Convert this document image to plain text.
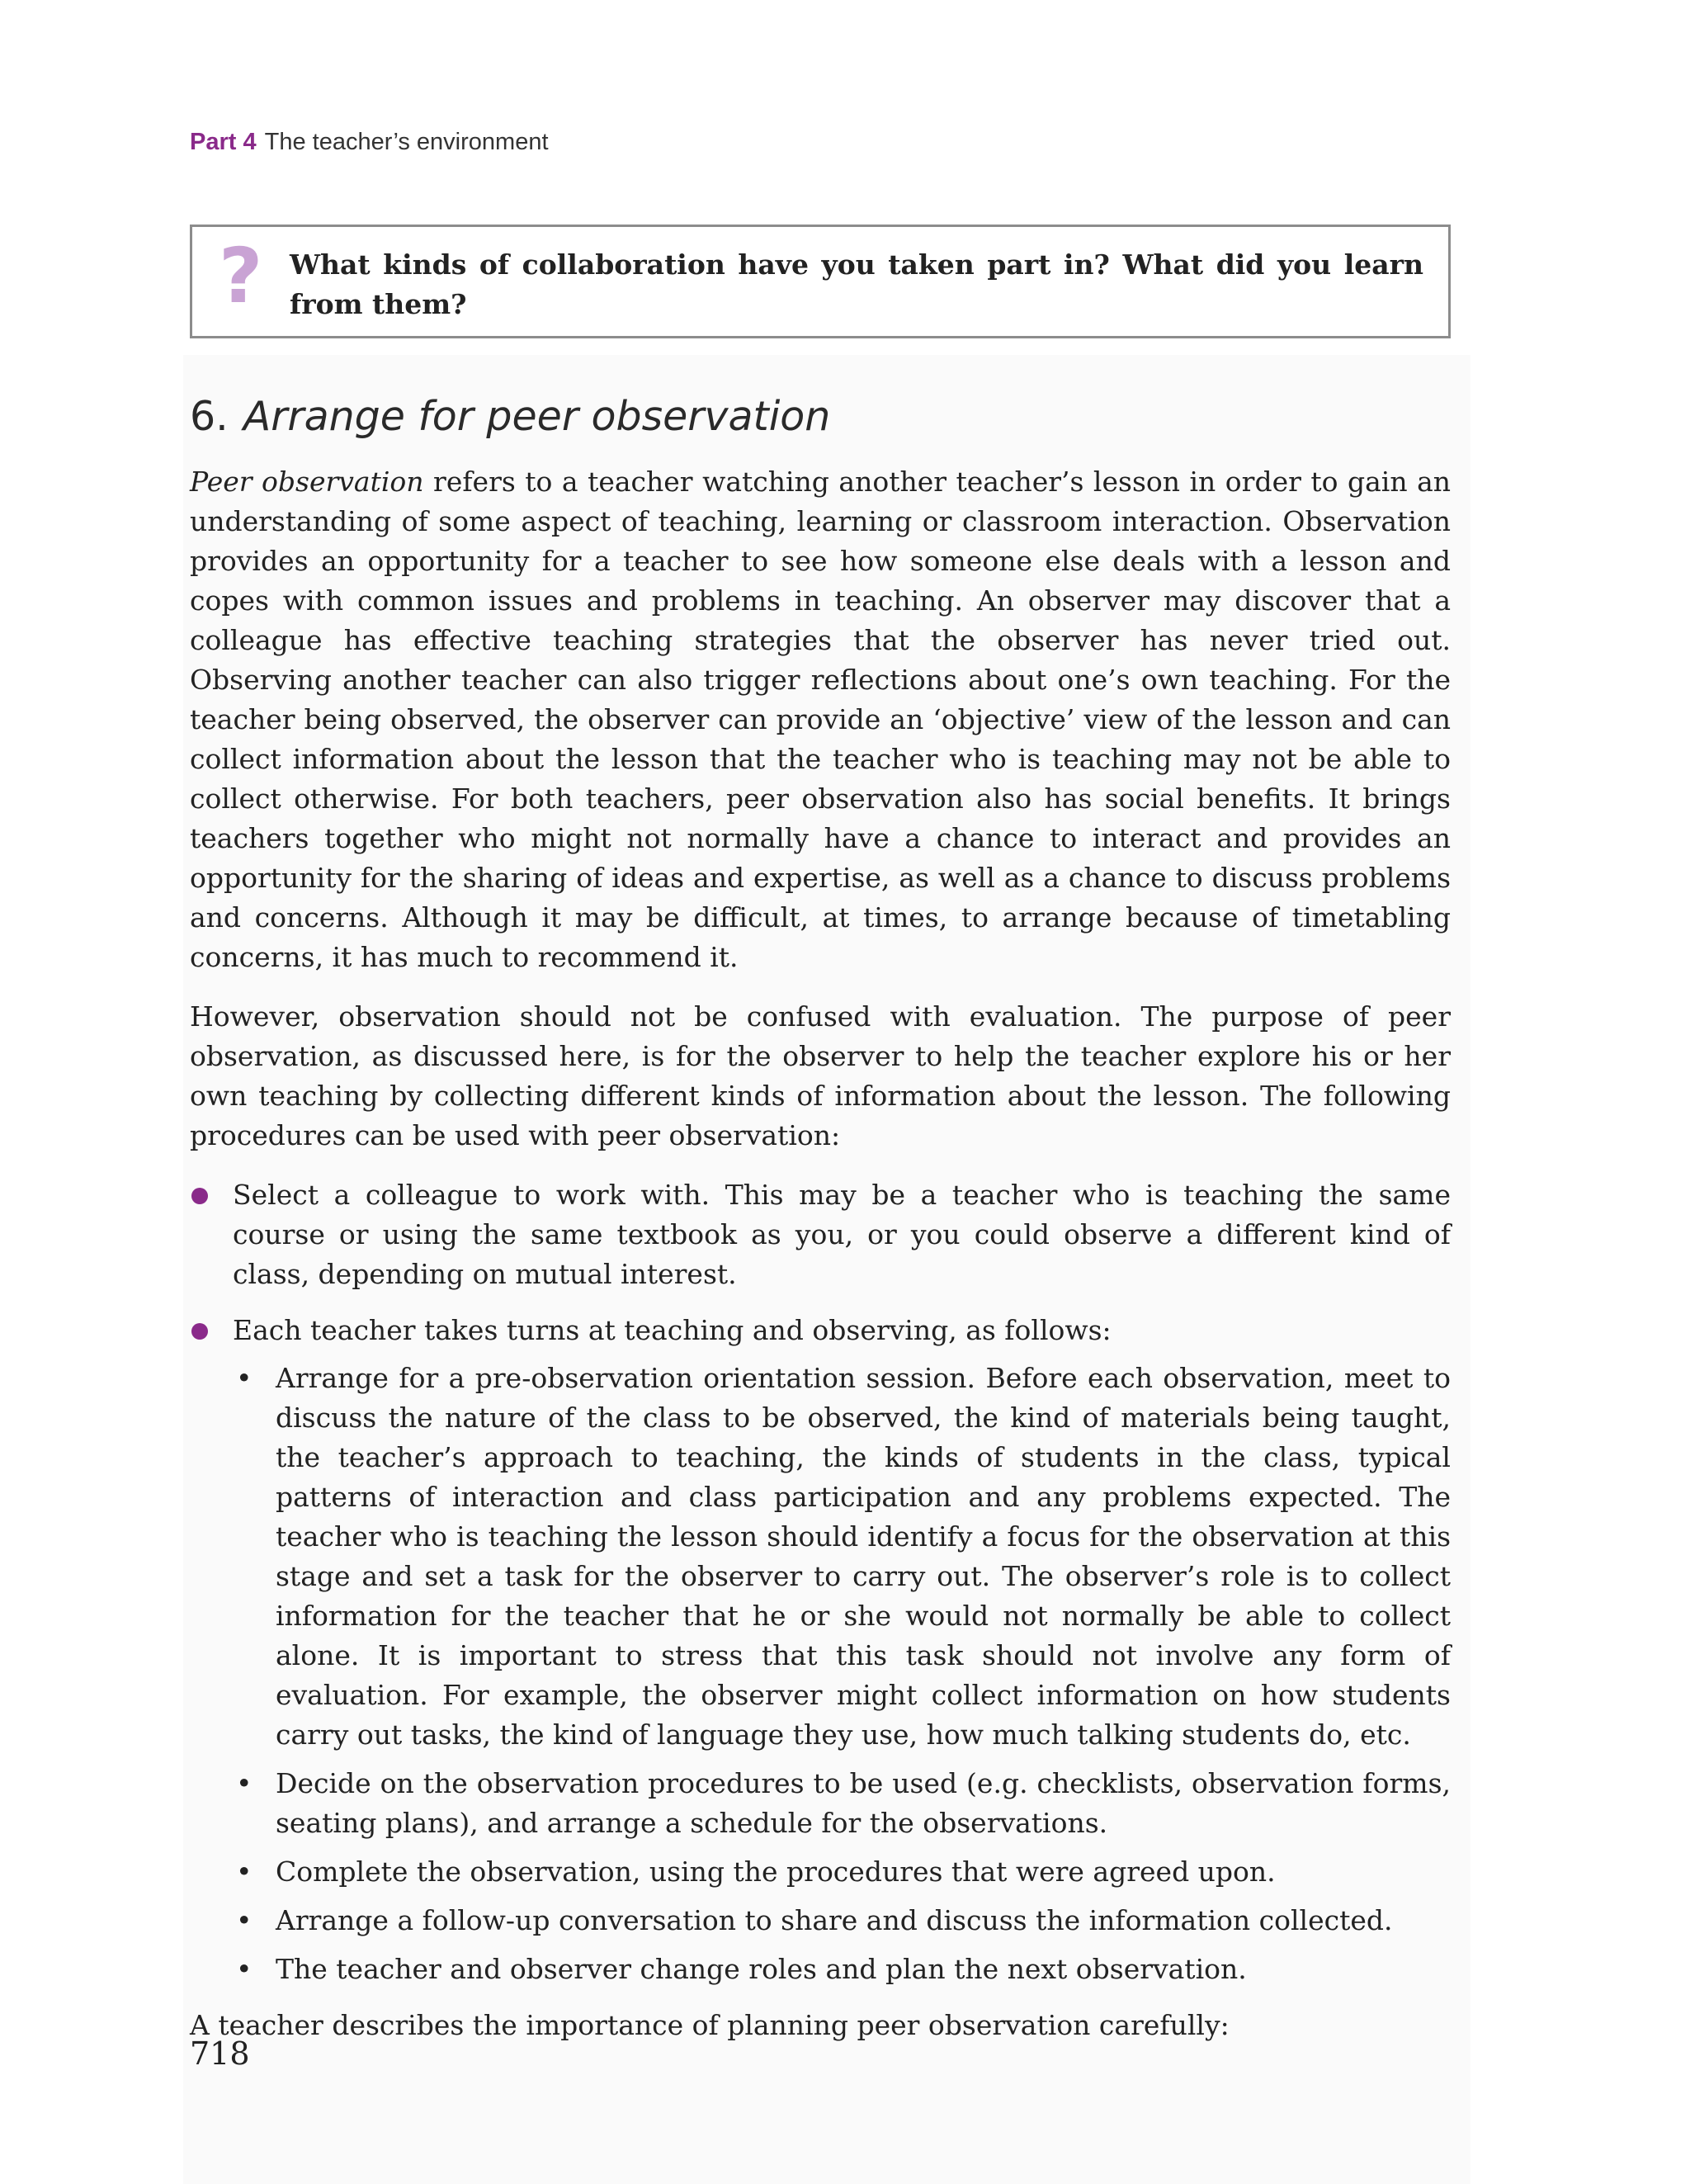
Part 4 The teacher’s environment
? What kinds of collaboration have you taken part in? What did you learn from them?
6. Arrange for peer observation

Peer observation refers to a teacher watching another teacher’s lesson in order to gain an understanding of some aspect of teaching, learning or classroom interaction. Observation provides an opportunity for a teacher to see how someone else deals with a lesson and copes with common issues and problems in teaching. An observer may discover that a colleague has effective teaching strategies that the observer has never tried out. Observing another teacher can also trigger reflections about one’s own teaching. For the teacher being observed, the observer can provide an ‘objective’ view of the lesson and can collect information about the lesson that the teacher who is teaching may not be able to collect otherwise. For both teachers, peer observation also has social benefits. It brings teachers together who might not normally have a chance to interact and provides an opportunity for the sharing of ideas and expertise, as well as a chance to discuss problems and concerns. Although it may be difficult, at times, to arrange because of timetabling concerns, it has much to recommend it.

However, observation should not be confused with evaluation. The purpose of peer observation, as discussed here, is for the observer to help the teacher explore his or her own teaching by collecting different kinds of information about the lesson. The following procedures can be used with peer observation:

Select a colleague to work with. This may be a teacher who is teaching the same course or using the same textbook as you, or you could observe a different kind of class, depending on mutual interest.
Each teacher takes turns at teaching and observing, as follows:
• Arrange for a pre-observation orientation session. Before each observation, meet to discuss the nature of the class to be observed, the kind of materials being taught, the teacher’s approach to teaching, the kinds of students in the class, typical patterns of interaction and class participation and any problems expected. The teacher who is teaching the lesson should identify a focus for the observation at this stage and set a task for the observer to carry out. The observer’s role is to collect information for the teacher that he or she would not normally be able to collect alone. It is important to stress that this task should not involve any form of evaluation. For example, the observer might collect information on how students carry out tasks, the kind of language they use, how much talking students do, etc.
• Decide on the observation procedures to be used (e.g. checklists, observation forms, seating plans), and arrange a schedule for the observations.
• Complete the observation, using the procedures that were agreed upon.
• Arrange a follow-up conversation to share and discuss the information collected.
• The teacher and observer change roles and plan the next observation.

A teacher describes the importance of planning peer observation carefully:

718
